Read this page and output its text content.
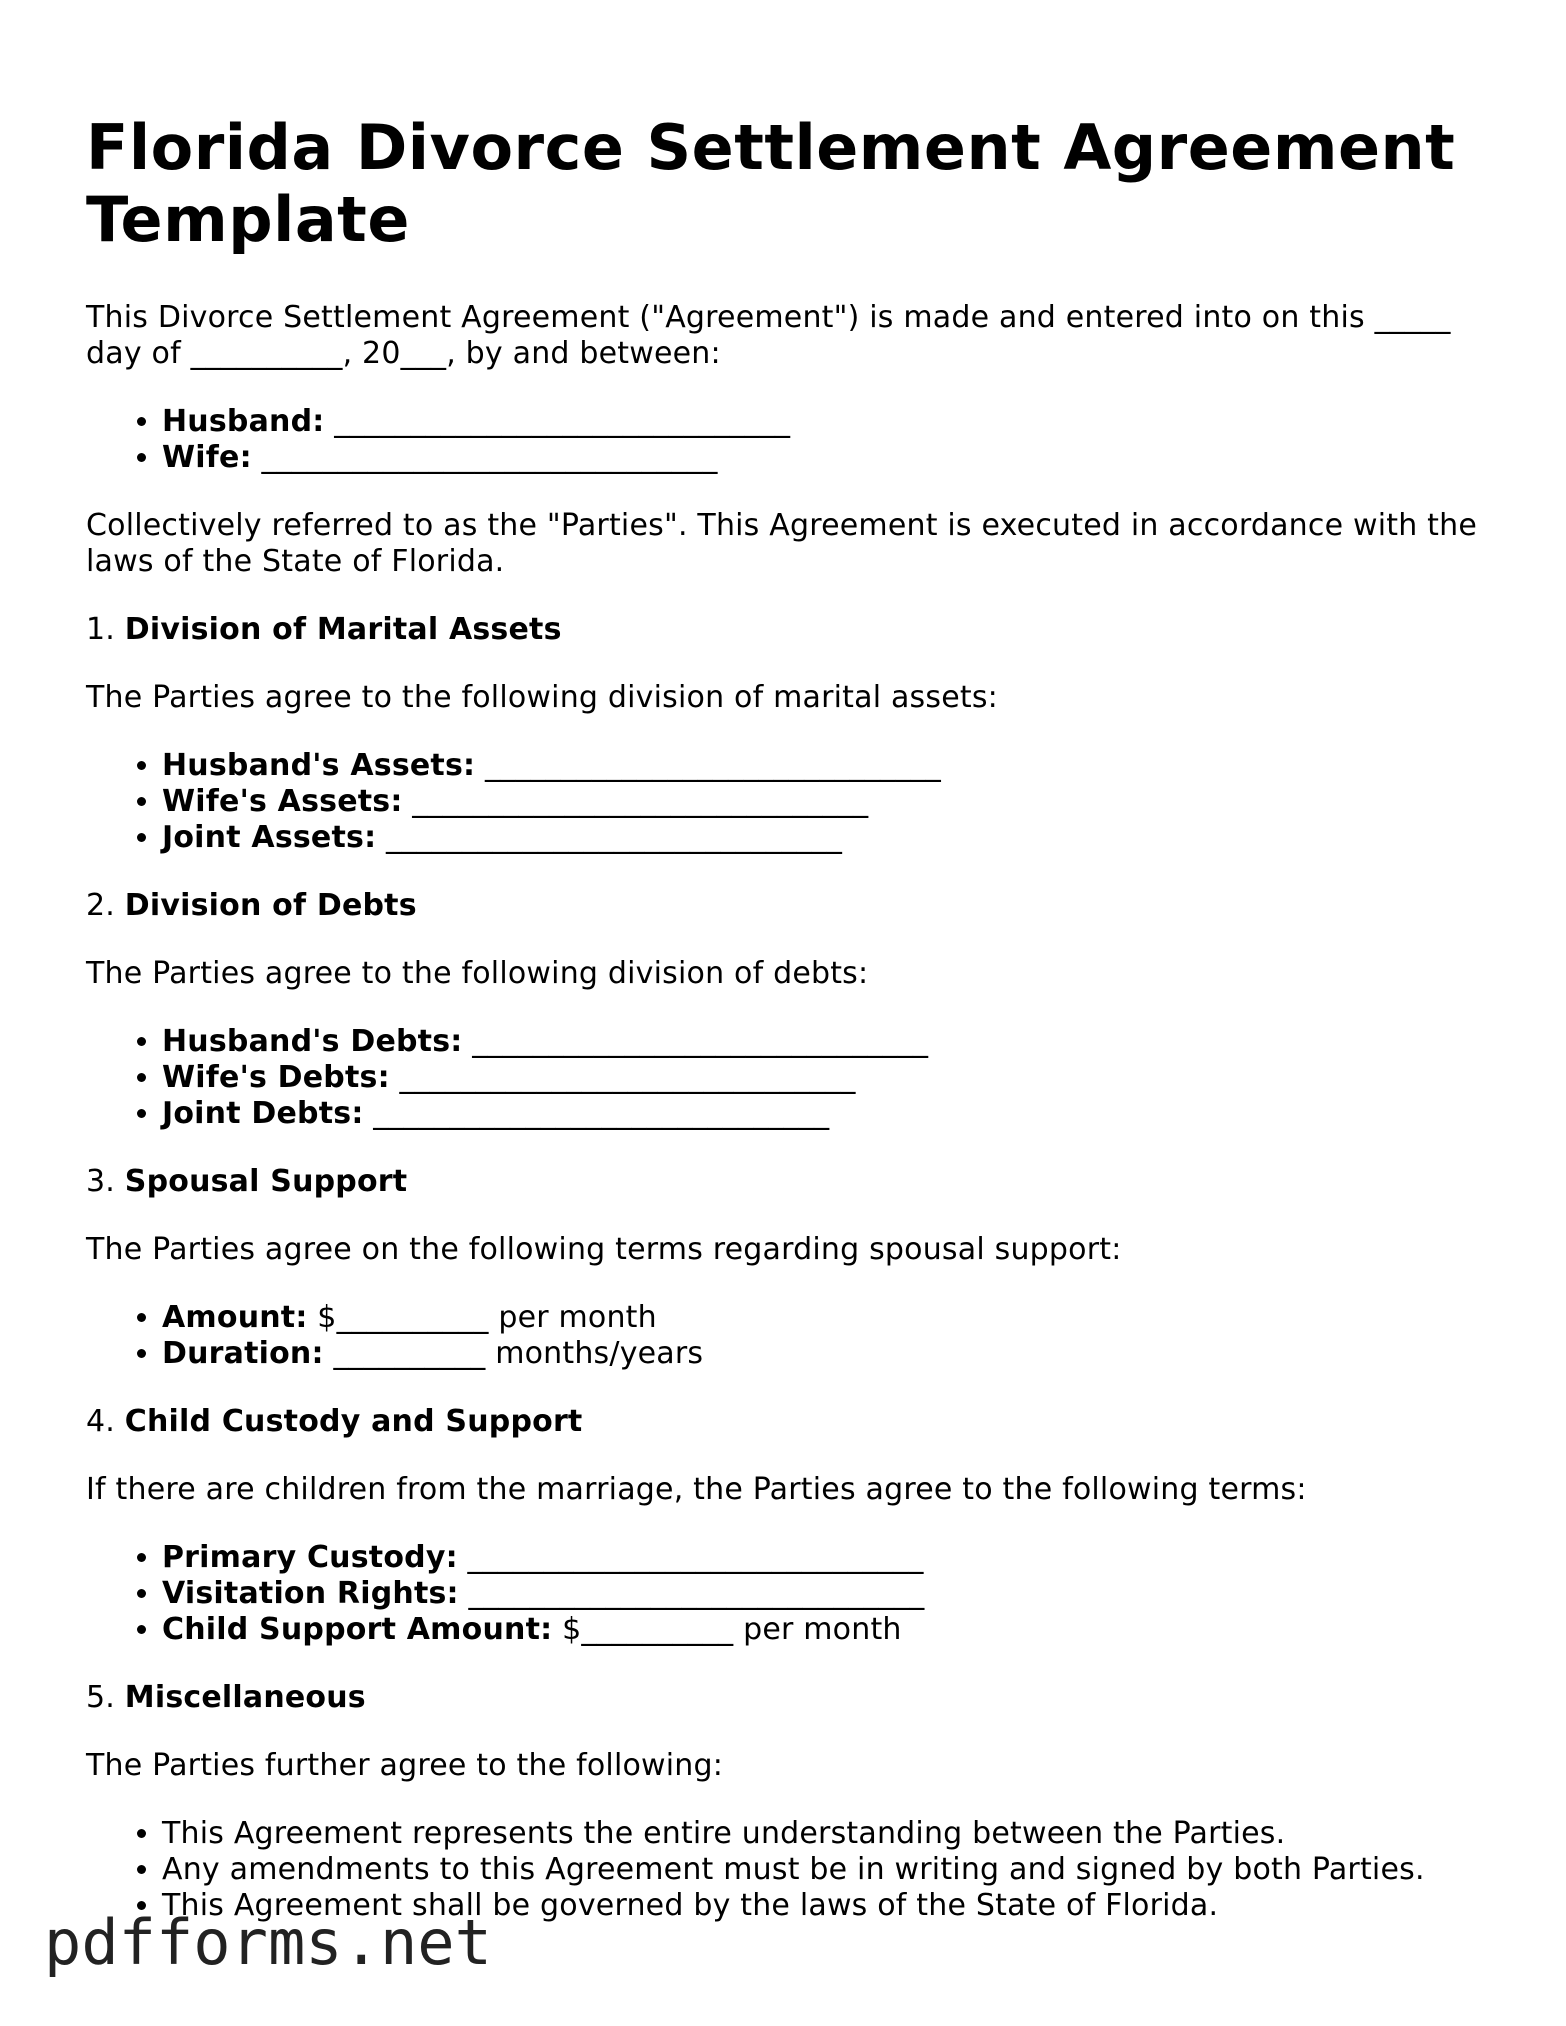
Florida Divorce Settlement Agreement Template

This Divorce Settlement Agreement ("Agreement") is made and entered into on this _____ day of __________, 20___, by and between:

• Husband: ______________________________
• Wife: ______________________________

Collectively referred to as the "Parties". This Agreement is executed in accordance with the laws of the State of Florida.

1. Division of Marital Assets

The Parties agree to the following division of marital assets:

• Husband's Assets: ______________________________
• Wife's Assets: ______________________________
• Joint Assets: ______________________________
2. Division of Debts

The Parties agree to the following division of debts:

• Husband's Debts: ______________________________
• Wife's Debts: ______________________________
• Joint Debts: ______________________________
3. Spousal Support

The Parties agree on the following terms regarding spousal support:

• Amount: $__________ per month
• Duration: __________ months/years
4. Child Custody and Support

If there are children from the marriage, the Parties agree to the following terms:

• Primary Custody: ______________________________
• Visitation Rights: ______________________________
• Child Support Amount: $__________ per month
5. Miscellaneous

The Parties further agree to the following:

• This Agreement represents the entire understanding between the Parties.
• Any amendments to this Agreement must be in writing and signed by both Parties.
• This Agreement shall be governed by the laws of the State of Florida.
pdfforms.net
